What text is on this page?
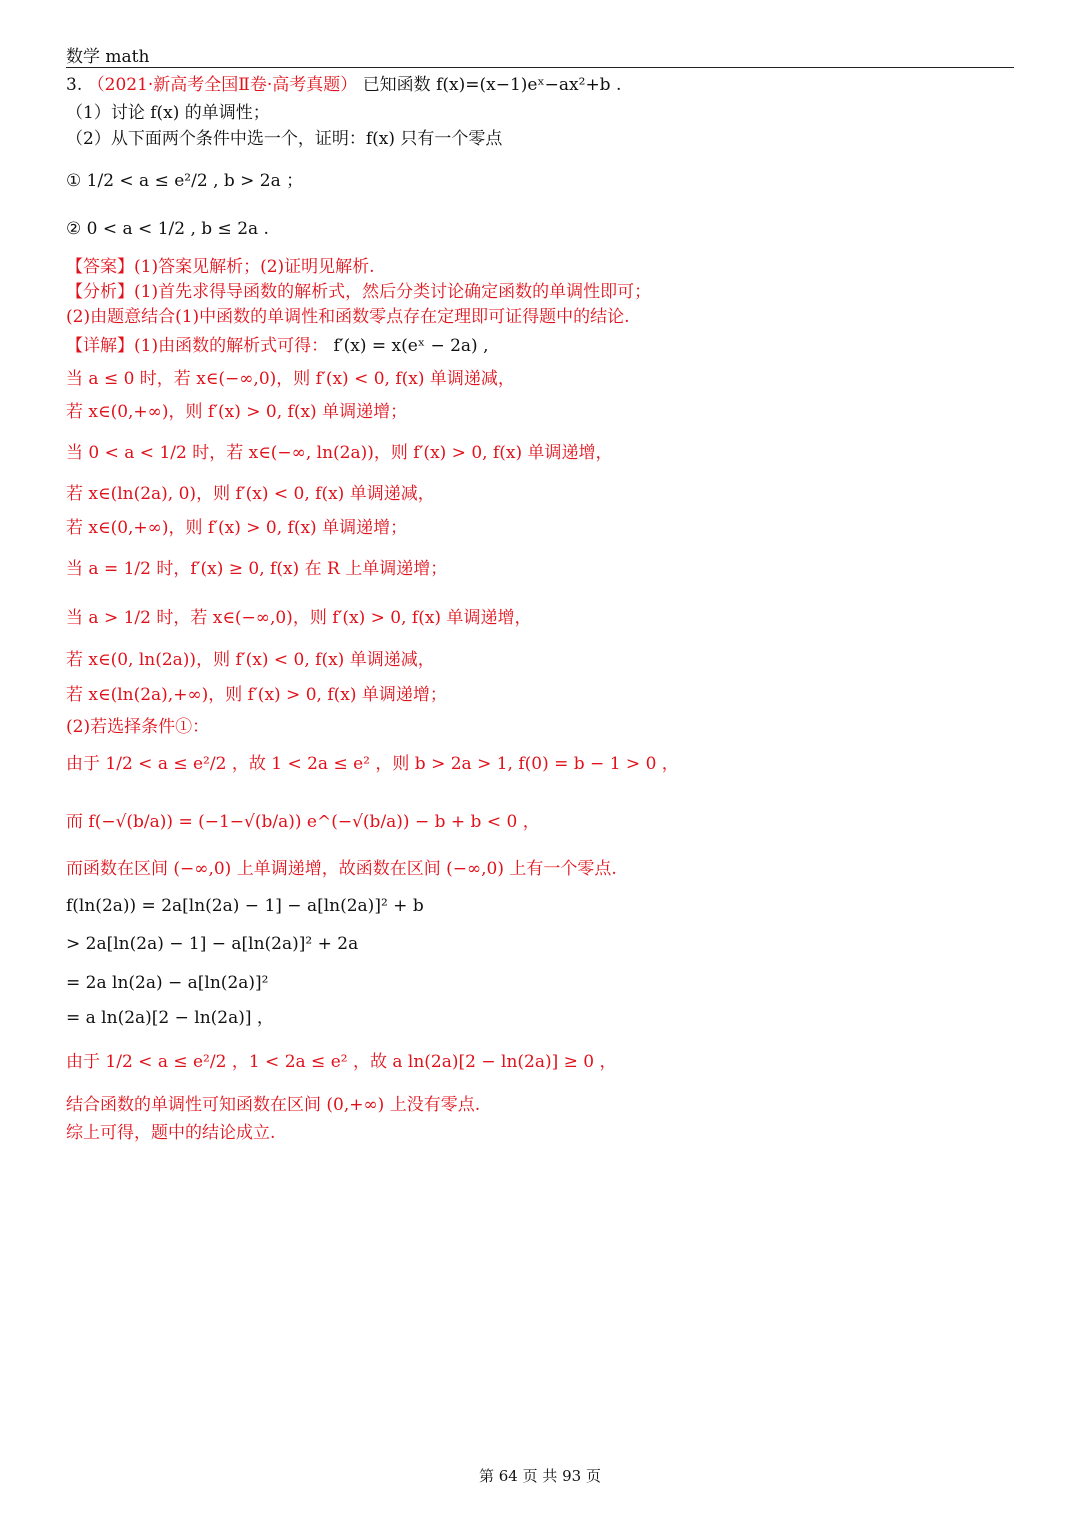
数学 math
3. （2021·新高考全国Ⅱ卷·高考真题） 已知函数 f(x)=(x−1)eˣ−ax²+b .
（1）讨论 f(x) 的单调性；
（2）从下面两个条件中选一个，证明：f(x) 只有一个零点
① 1/2 < a ≤ e²/2 , b > 2a ；
② 0 < a < 1/2 , b ≤ 2a .
【答案】(1)答案见解析；(2)证明见解析.
【分析】(1)首先求得导函数的解析式，然后分类讨论确定函数的单调性即可；
(2)由题意结合(1)中函数的单调性和函数零点存在定理即可证得题中的结论.
【详解】(1)由函数的解析式可得： f′(x) = x(eˣ − 2a) ,
当 a ≤ 0 时，若 x∈(−∞,0)，则 f′(x) < 0, f(x) 单调递减，
若 x∈(0,+∞)，则 f′(x) > 0, f(x) 单调递增；
当 0 < a < 1/2 时，若 x∈(−∞, ln(2a))，则 f′(x) > 0, f(x) 单调递增，
若 x∈(ln(2a), 0)，则 f′(x) < 0, f(x) 单调递减，
若 x∈(0,+∞)，则 f′(x) > 0, f(x) 单调递增；
当 a = 1/2 时，f′(x) ≥ 0, f(x) 在 R 上单调递增；
当 a > 1/2 时，若 x∈(−∞,0)，则 f′(x) > 0, f(x) 单调递增，
若 x∈(0, ln(2a))，则 f′(x) < 0, f(x) 单调递减，
若 x∈(ln(2a),+∞)，则 f′(x) > 0, f(x) 单调递增；
(2)若选择条件①：
由于 1/2 < a ≤ e²/2 ，故 1 < 2a ≤ e² ，则 b > 2a > 1, f(0) = b − 1 > 0 ，
而 f(−√(b/a)) = (−1−√(b/a)) e^(−√(b/a)) − b + b < 0 ，
而函数在区间 (−∞,0) 上单调递增，故函数在区间 (−∞,0) 上有一个零点.
f(ln(2a)) = 2a[ln(2a) − 1] − a[ln(2a)]² + b
> 2a[ln(2a) − 1] − a[ln(2a)]² + 2a
= 2a ln(2a) − a[ln(2a)]²
= a ln(2a)[2 − ln(2a)] ，
由于 1/2 < a ≤ e²/2 ，1 < 2a ≤ e² ，故 a ln(2a)[2 − ln(2a)] ≥ 0 ，
结合函数的单调性可知函数在区间 (0,+∞) 上没有零点.
综上可得，题中的结论成立.
第 64 页 共 93 页
